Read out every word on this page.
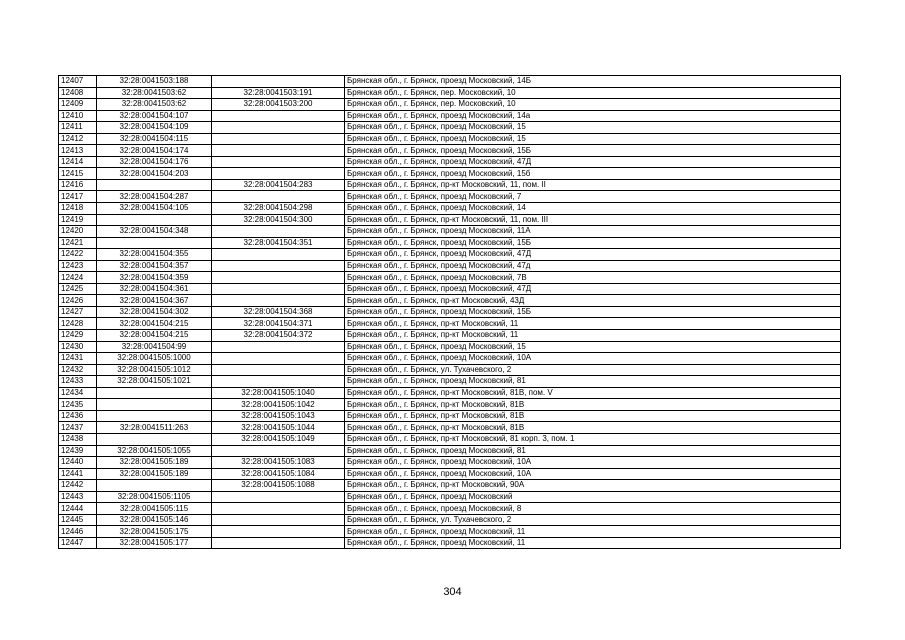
12407	32:28:0041503:188		Брянская обл., г. Брянск, проезд Московский, 14Б
12408	32:28:0041503:62	32:28:0041503:191	Брянская обл., г. Брянск, пер. Московский, 10
12409	32:28:0041503:62	32:28:0041503:200	Брянская обл., г. Брянск, пер. Московский, 10
12410	32:28:0041504:107		Брянская обл., г. Брянск, проезд Московский, 14а
12411	32:28:0041504:109		Брянская обл., г. Брянск, проезд Московский, 15
12412	32:28:0041504:115		Брянская обл., г. Брянск, проезд Московский, 15
12413	32:28:0041504:174		Брянская обл., г. Брянск, проезд Московский, 15Б
12414	32:28:0041504:176		Брянская обл., г. Брянск, проезд Московский, 47Д
12415	32:28:0041504:203		Брянская обл., г. Брянск, проезд Московский, 15б
12416		32:28:0041504:283	Брянская обл., г. Брянск, пр-кт Московский, 11, пом. II
12417	32:28:0041504:287		Брянская обл., г. Брянск, проезд Московский, 7
12418	32:28:0041504:105	32:28:0041504:298	Брянская обл., г. Брянск, проезд Московский, 14
12419		32:28:0041504:300	Брянская обл., г. Брянск, пр-кт Московский, 11, пом. III
12420	32:28:0041504:348		Брянская обл., г. Брянск, проезд Московский, 11А
12421		32:28:0041504:351	Брянская обл., г. Брянск, проезд Московский, 15Б
12422	32:28:0041504:355		Брянская обл., г. Брянск, проезд Московский, 47Д
12423	32:28:0041504:357		Брянская обл., г. Брянск, проезд Московский, 47д
12424	32:28:0041504:359		Брянская обл., г. Брянск, проезд Московский, 7В
12425	32:28:0041504:361		Брянская обл., г. Брянск, проезд Московский, 47Д
12426	32:28:0041504:367		Брянская обл., г. Брянск, пр-кт Московский, 43Д
12427	32:28:0041504:302	32:28:0041504:368	Брянская обл., г. Брянск, проезд Московский, 15Б
12428	32:28:0041504:215	32:28:0041504:371	Брянская обл., г. Брянск, пр-кт Московский, 11
12429	32:28:0041504:215	32:28:0041504:372	Брянская обл., г. Брянск, пр-кт Московский, 11
12430	32:28:0041504:99		Брянская обл., г. Брянск, проезд Московский, 15
12431	32:28:0041505:1000		Брянская обл., г. Брянск, проезд Московский, 10А
12432	32:28:0041505:1012		Брянская обл., г. Брянск, ул. Тухачевского, 2
12433	32:28:0041505:1021		Брянская обл., г. Брянск, проезд Московский, 81
12434		32:28:0041505:1040	Брянская обл., г. Брянск, пр-кт Московский, 81В, пом. V
12435		32:28:0041505:1042	Брянская обл., г. Брянск, пр-кт Московский, 81В
12436		32:28:0041505:1043	Брянская обл., г. Брянск, пр-кт Московский, 81В
12437	32:28:0041511:263	32:28:0041505:1044	Брянская обл., г. Брянск, пр-кт Московский, 81В
12438		32:28:0041505:1049	Брянская обл., г. Брянск, пр-кт Московский, 81 корп. 3, пом. 1
12439	32:28:0041505:1055		Брянская обл., г. Брянск, проезд Московский, 81
12440	32:28:0041505:189	32:28:0041505:1083	Брянская обл., г. Брянск, проезд Московский, 10А
12441	32:28:0041505:189	32:28:0041505:1084	Брянская обл., г. Брянск, проезд Московский, 10А
12442		32:28:0041505:1088	Брянская обл., г. Брянск, пр-кт Московский, 90А
12443	32:28:0041505:1105		Брянская обл., г. Брянск, проезд Московский
12444	32:28:0041505:115		Брянская обл., г. Брянск, проезд Московский, 8
12445	32:28:0041505:146		Брянская обл., г. Брянск, ул. Тухачевского, 2
12446	32:28:0041505:175		Брянская обл., г. Брянск, проезд Московский, 11
12447	32:28:0041505:177		Брянская обл., г. Брянск, проезд Московский, 11
304
